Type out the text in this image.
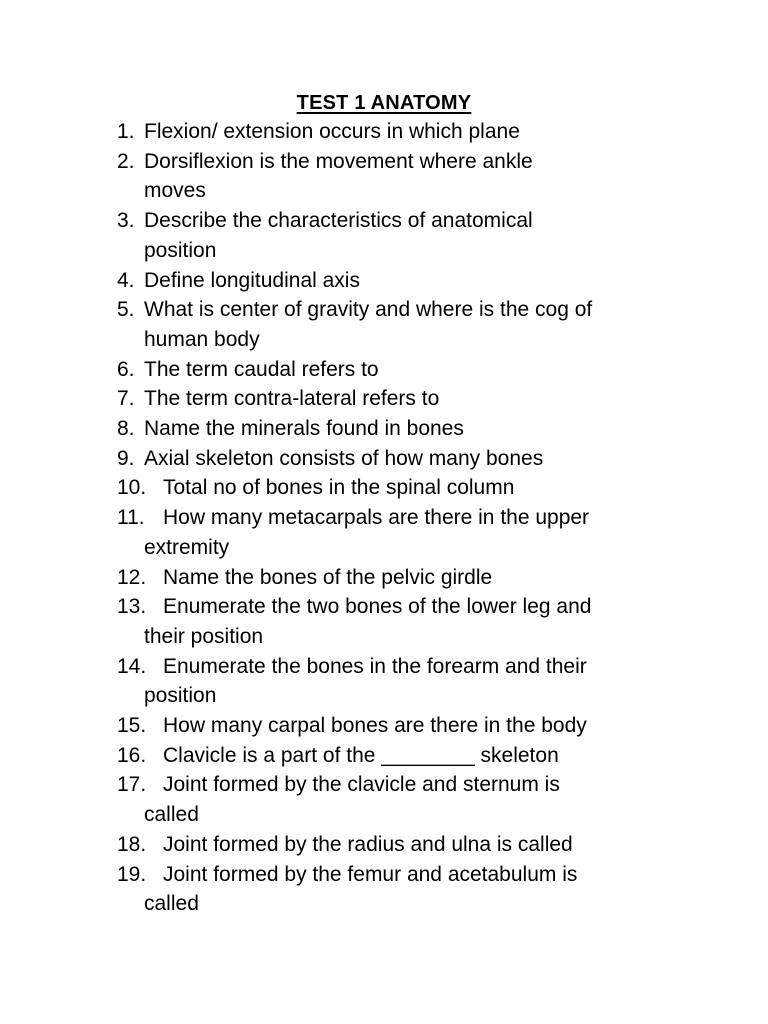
TEST 1 ANATOMY
1. Flexion/ extension occurs in which plane
2. Dorsiflexion is the movement where ankle
moves
3. Describe the characteristics of anatomical
position
4. Define longitudinal axis
5. What is center of gravity and where is the cog of
human body
6. The term caudal refers to
7. The term contra-lateral refers to
8. Name the minerals found in bones
9. Axial skeleton consists of how many bones
10. Total no of bones in the spinal column
11. How many metacarpals are there in the upper
extremity
12. Name the bones of the pelvic girdle
13. Enumerate the two bones of the lower leg and
their position
14. Enumerate the bones in the forearm and their
position
15. How many carpal bones are there in the body
16. Clavicle is a part of the ________ skeleton
17. Joint formed by the clavicle and sternum is
called
18. Joint formed by the radius and ulna is called
19. Joint formed by the femur and acetabulum is
called
